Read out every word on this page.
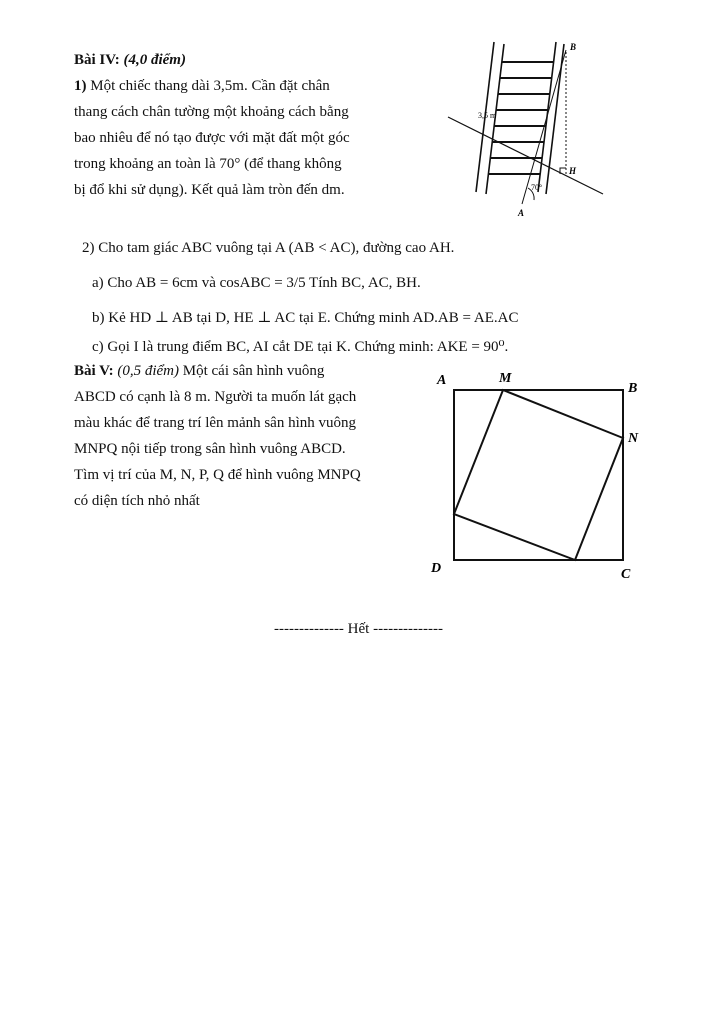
Bài IV: (4,0 điểm)
1) Một chiếc thang dài 3,5m. Cần đặt chân
thang cách chân tường một khoảng cách bằng
bao nhiêu để nó tạo được với mặt đất một góc
trong khoảng an toàn là 70° (để thang không
bị đổ khi sử dụng). Kết quả làm tròn đến dm.
3,5 m
70°
B
H
A
2) Cho tam giác ABC vuông tại A (AB < AC), đường cao AH.
a) Cho AB = 6cm và cosABC = 3/5 Tính BC, AC, BH.
b) Kẻ HD ⊥ AB tại D, HE ⊥ AC tại E. Chứng minh AD.AB = AE.AC
c) Gọi I là trung điểm BC, AI cắt DE tại K. Chứng minh: AKE = 90⁰.
Bài V: (0,5 điểm) Một cái sân hình vuông
ABCD có cạnh là 8 m. Người ta muốn lát gạch
màu khác để trang trí lên mảnh sân hình vuông
MNPQ nội tiếp trong sân hình vuông ABCD.
Tìm vị trí của M, N, P, Q để hình vuông MNPQ
có diện tích nhỏ nhất
A	M
B
N
D	C
-------------- Hết --------------
